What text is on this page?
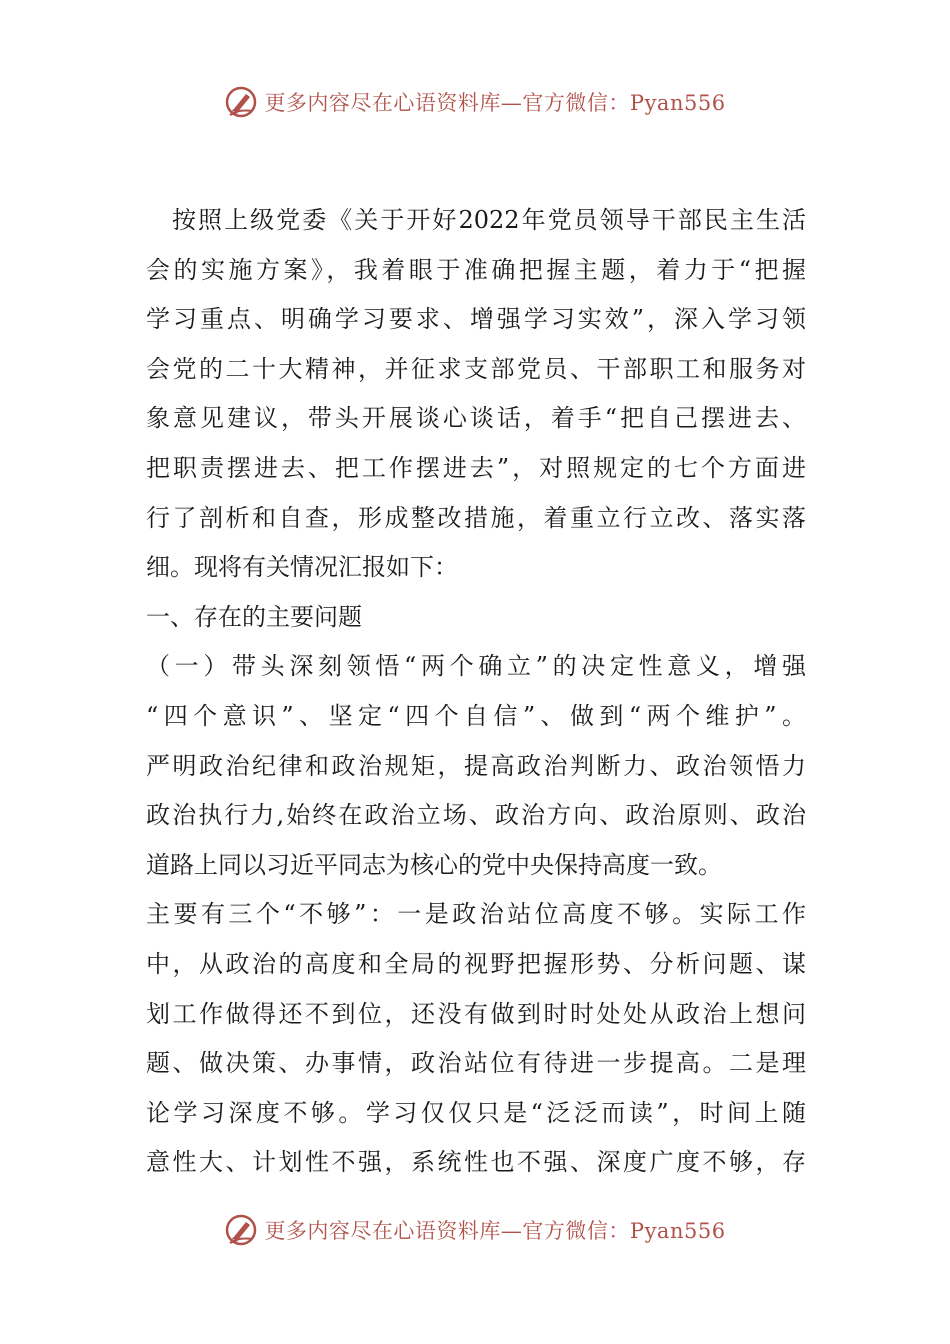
更多内容尽在心语资料库—官方微信：Pyan556
按照上级党委《关于开好2022年党员领导干部民主生活
会的实施方案》，我着眼于准确把握主题，着力于“把握
学习重点、明确学习要求、增强学习实效”，深入学习领
会党的二十大精神，并征求支部党员、干部职工和服务对
象意见建议，带头开展谈心谈话，着手“把自己摆进去、
把职责摆进去、把工作摆进去”，对照规定的七个方面进
行了剖析和自查，形成整改措施，着重立行立改、落实落
细。现将有关情况汇报如下：
一、存在的主要问题
（一）带头深刻领悟“两个确立”的决定性意义，增强
“四个意识”、坚定“四个自信”、做到“两个维护”。
严明政治纪律和政治规矩，提高政治判断力、政治领悟力
政治执行力,始终在政治立场、政治方向、政治原则、政治
道路上同以习近平同志为核心的党中央保持高度一致。
主要有三个“不够”：一是政治站位高度不够。实际工作
中，从政治的高度和全局的视野把握形势、分析问题、谋
划工作做得还不到位，还没有做到时时处处从政治上想问
题、做决策、办事情，政治站位有待进一步提高。二是理
论学习深度不够。学习仅仅只是“泛泛而读”，时间上随
意性大、计划性不强，系统性也不强、深度广度不够，存
更多内容尽在心语资料库—官方微信：Pyan556
